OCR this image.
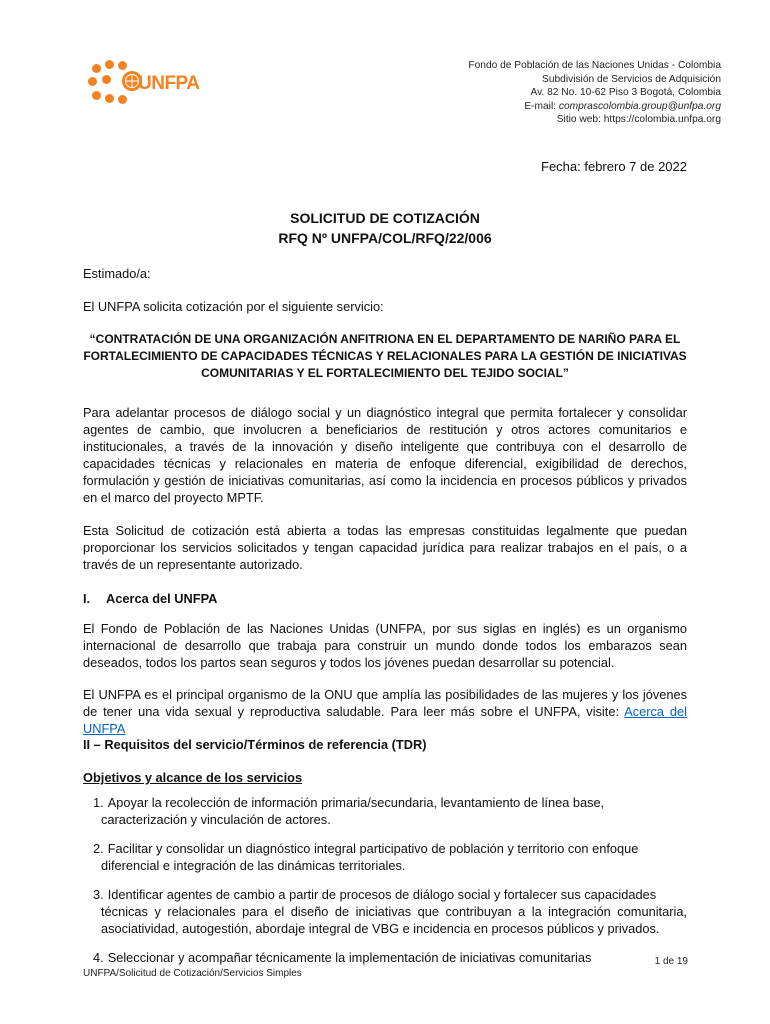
UNFPA
Fondo de Población de las Naciones Unidas - Colombia
Subdivisión de Servicios de Adquisición
Av. 82 No. 10-62 Piso 3 Bogotá, Colombia
E-mail: comprascolombia.group@unfpa.org
Sitio web: https://colombia.unfpa.org
Fecha: febrero 7 de 2022
SOLICITUD DE COTIZACIÓN
RFQ Nº UNFPA/COL/RFQ/22/006
Estimado/a:
El UNFPA solicita cotización por el siguiente servicio:
“CONTRATACIÓN DE UNA ORGANIZACIÓN ANFITRIONA EN EL DEPARTAMENTO DE NARIÑO PARA EL FORTALECIMIENTO DE CAPACIDADES TÉCNICAS Y RELACIONALES PARA LA GESTIÓN DE INICIATIVAS COMUNITARIAS Y EL FORTALECIMIENTO DEL TEJIDO SOCIAL”
Para adelantar procesos de diálogo social y un diagnóstico integral que permita fortalecer y consolidar agentes de cambio, que involucren a beneficiarios de restitución y otros actores comunitarios e institucionales, a través de la innovación y diseño inteligente que contribuya con el desarrollo de capacidades técnicas y relacionales en materia de enfoque diferencial, exigibilidad de derechos, formulación y gestión de iniciativas comunitarias, así como la incidencia en procesos públicos y privados en el marco del proyecto MPTF.
Esta Solicitud de cotización está abierta a todas las empresas constituidas legalmente que puedan proporcionar los servicios solicitados y tengan capacidad jurídica para realizar trabajos en el país, o a través de un representante autorizado.
I. Acerca del UNFPA
El Fondo de Población de las Naciones Unidas (UNFPA, por sus siglas en inglés) es un organismo internacional de desarrollo que trabaja para construir un mundo donde todos los embarazos sean deseados, todos los partos sean seguros y todos los jóvenes puedan desarrollar su potencial.
El UNFPA es el principal organismo de la ONU que amplía las posibilidades de las mujeres y los jóvenes de tener una vida sexual y reproductiva saludable. Para leer más sobre el UNFPA, visite: Acerca del UNFPA
II – Requisitos del servicio/Términos de referencia (TDR)
Objetivos y alcance de los servicios
1. Apoyar la recolección de información primaria/secundaria, levantamiento de línea base,
caracterización y vinculación de actores.
2. Facilitar y consolidar un diagnóstico integral participativo de población y territorio con enfoque
diferencial e integración de las dinámicas territoriales.
3. Identificar agentes de cambio a partir de procesos de diálogo social y fortalecer sus capacidades
técnicas y relacionales para el diseño de iniciativas que contribuyan a la integración comunitaria, asociatividad, autogestión, abordaje integral de VBG e incidencia en procesos públicos y privados.
4. Seleccionar y acompañar técnicamente la implementación de iniciativas comunitarias	1 de 19
UNFPA/Solicitud de Cotización/Servicios Simples
